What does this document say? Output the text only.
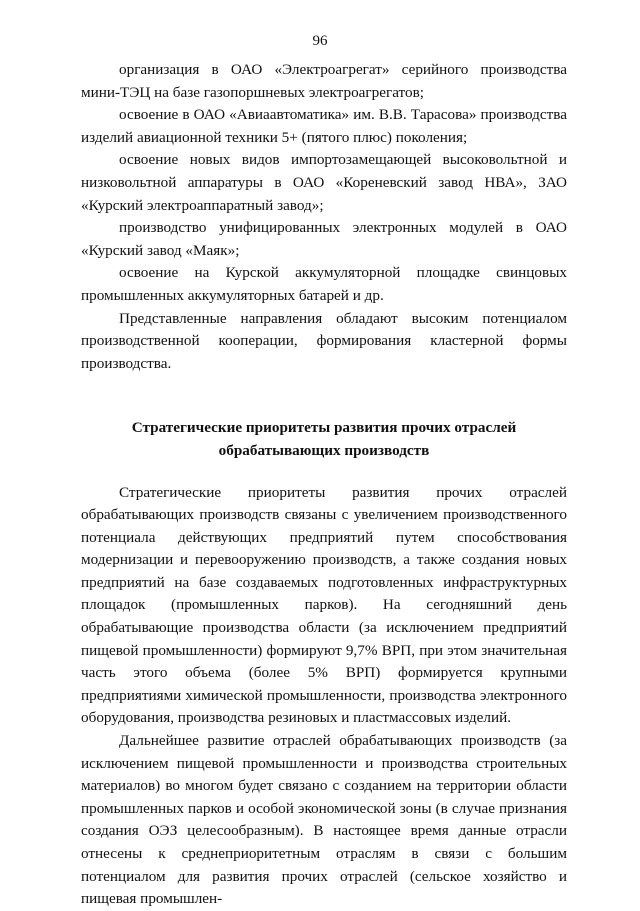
96

организация в ОАО «Электроагрегат» серийного производства мини-ТЭЦ на базе газопоршневых электроагрегатов;

освоение в ОАО «Авиаавтоматика» им. В.В. Тарасова» производства изделий авиационной техники 5+ (пятого плюс) поколения;

освоение новых видов импортозамещающей высоковольтной и низковольтной аппаратуры в ОАО «Кореневский завод НВА», ЗАО «Курский электроаппаратный завод»;

производство унифицированных электронных модулей в ОАО «Курский завод «Маяк»;

освоение на Курской аккумуляторной площадке свинцовых промышленных аккумуляторных батарей и др.

Представленные направления обладают высоким потенциалом производственной кооперации, формирования кластерной формы производства.

Стратегические приоритеты развития прочих отраслей обрабатывающих производств

Стратегические приоритеты развития прочих отраслей обрабатывающих производств связаны с увеличением производственного потенциала действующих предприятий путем способствования модернизации и перевооружению производств, а также создания новых предприятий на базе создаваемых подготовленных инфраструктурных площадок (промышленных парков). На сегодняшний день обрабатывающие производства области (за исключением предприятий пищевой промышленности) формируют 9,7% ВРП, при этом значительная часть этого объема (более 5% ВРП) формируется крупными предприятиями химической промышленности, производства электронного оборудования, производства резиновых и пластмассовых изделий.

Дальнейшее развитие отраслей обрабатывающих производств (за исключением пищевой промышленности и производства строительных материалов) во многом будет связано с созданием на территории области промышленных парков и особой экономической зоны (в случае признания создания ОЭЗ целесообразным). В настоящее время данные отрасли отнесены к среднеприоритетным отраслям в связи с большим потенциалом для развития прочих отраслей (сельское хозяйство и пищевая промышлен-
